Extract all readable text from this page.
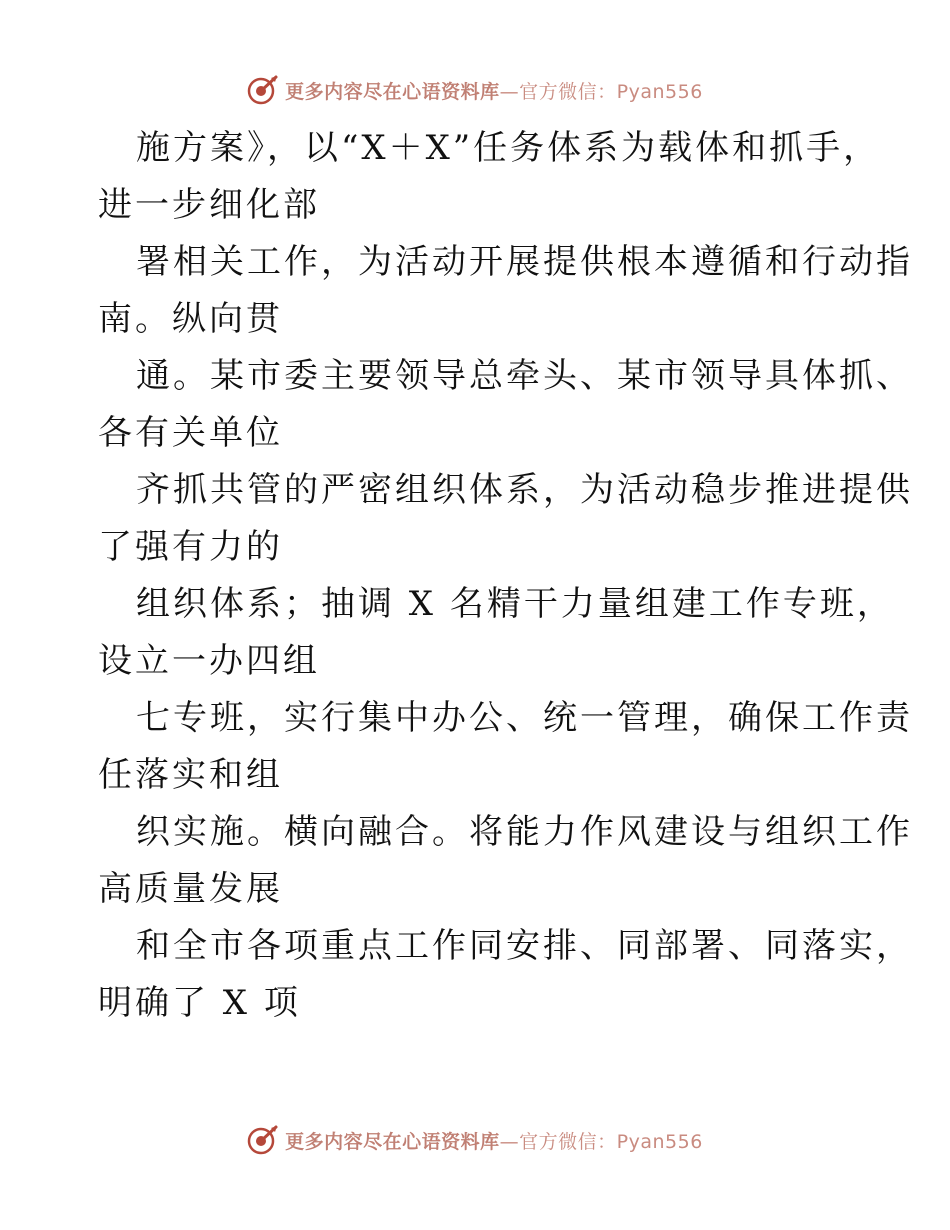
更多内容尽在心语资料库—官方微信：Pyan556
施方案》，以“X＋X”任务体系为载体和抓手，
进一步细化部
署相关工作，为活动开展提供根本遵循和行动指
南。纵向贯
通。某市委主要领导总牵头、某市领导具体抓、
各有关单位
齐抓共管的严密组织体系，为活动稳步推进提供
了强有力的
组织体系；抽调 X 名精干力量组建工作专班，
设立一办四组
七专班，实行集中办公、统一管理，确保工作责
任落实和组
织实施。横向融合。将能力作风建设与组织工作
高质量发展
和全市各项重点工作同安排、同部署、同落实，
明确了 X 项
更多内容尽在心语资料库—官方微信：Pyan556
